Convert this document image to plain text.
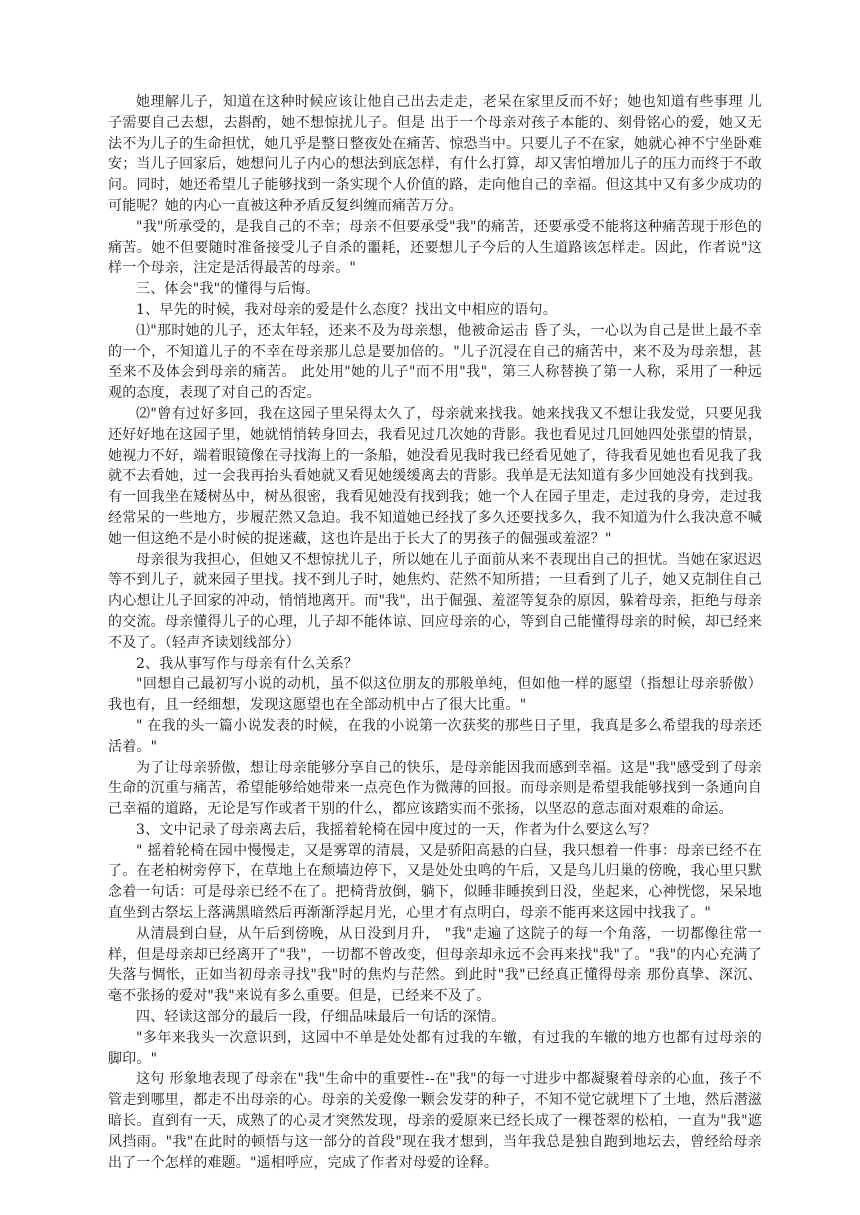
她理解儿子，知道在这种时候应该让他自己出去走走，老呆在家里反而不好；她也知道有些事理 儿子需要自己去想，去斟酌，她不想惊扰儿子。但是 出于一个母亲对孩子本能的、刻骨铭心的爱，她又无法不为儿子的生命担忧，她几乎是整日整夜处在痛苦、惊恐当中。只要儿子不在家，她就心神不宁坐卧难安；当儿子回家后，她想问儿子内心的想法到底怎样，有什么打算，却又害怕增加儿子的压力而终于不敢问。同时，她还希望儿子能够找到一条实现个人价值的路，走向他自己的幸福。但这其中又有多少成功的可能呢？她的内心一直被这种矛盾反复纠缠而痛苦万分。

"我"所承受的，是我自己的不幸；母亲不但要承受"我"的痛苦，还要承受不能将这种痛苦现于形色的痛苦。她不但要随时准备接受儿子自杀的噩耗，还要想儿子今后的人生道路该怎样走。因此，作者说"这样一个母亲，注定是活得最苦的母亲。"

三、体会"我"的懂得与后悔。

1、早先的时候，我对母亲的爱是什么态度？找出文中相应的语句。

⑴"那时她的儿子，还太年轻，还来不及为母亲想，他被命运击 昏了头，一心以为自己是世上最不幸的一个，不知道儿子的不幸在母亲那儿总是要加倍的。"儿子沉浸在自己的痛苦中，来不及为母亲想，甚至来不及体会到母亲的痛苦。 此处用"她的儿子"而不用"我"，第三人称替换了第一人称，采用了一种远观的态度，表现了对自己的否定。

⑵"曾有过好多回，我在这园子里呆得太久了，母亲就来找我。她来找我又不想让我发觉，只要见我还好好地在这园子里，她就悄悄转身回去，我看见过几次她的背影。我也看见过几回她四处张望的情景，她视力不好，端着眼镜像在寻找海上的一条船，她没看见我时我已经看见她了，待我看见她也看见我了我就不去看她，过一会我再抬头看她就又看见她缓缓离去的背影。我单是无法知道有多少回她没有找到我。有一回我坐在矮树丛中，树丛很密，我看见她没有找到我；她一个人在园子里走，走过我的身旁，走过我经常呆的一些地方，步履茫然又急迫。我不知道她已经找了多久还要找多久，我不知道为什么我决意不喊她一但这绝不是小时候的捉迷藏，这也许是出于长大了的男孩子的倔强或羞涩？"

母亲很为我担心，但她又不想惊扰儿子，所以她在儿子面前从来不表现出自己的担忧。当她在家迟迟等不到儿子，就来园子里找。找不到儿子时，她焦灼、茫然不知所措；一旦看到了儿子，她又克制住自己内心想让儿子回家的冲动，悄悄地离开。而"我"，出于倔强、羞涩等复杂的原因，躲着母亲，拒绝与母亲的交流。母亲懂得儿子的心理，儿子却不能体谅、回应母亲的心，等到自己能懂得母亲的时候，却已经来不及了。（轻声齐读划线部分）

2、我从事写作与母亲有什么关系？

"回想自己最初写小说的动机，虽不似这位朋友的那般单纯，但如他一样的愿望（指想让母亲骄傲）我也有，且一经细想，发现这愿望也在全部动机中占了很大比重。"

" 在我的头一篇小说发表的时候，在我的小说第一次获奖的那些日子里，我真是多么希望我的母亲还活着。"

为了让母亲骄傲，想让母亲能够分享自己的快乐，是母亲能因我而感到幸福。这是"我"感受到了母亲生命的沉重与痛苦，希望能够给她带来一点亮色作为微薄的回报。而母亲则是希望我能够找到一条通向自己幸福的道路，无论是写作或者干别的什么，都应该踏实而不张扬，以坚忍的意志面对艰难的命运。

3、文中记录了母亲离去后，我摇着轮椅在园中度过的一天，作者为什么要这么写？

" 摇着轮椅在园中慢慢走，又是雾罩的清晨，又是骄阳高悬的白昼，我只想着一件事：母亲已经不在了。在老柏树旁停下，在草地上在颓墙边停下，又是处处虫鸣的午后，又是鸟儿归巢的傍晚，我心里只默念着一句话：可是母亲已经不在了。把椅背放倒，躺下，似睡非睡挨到日没，坐起来，心神恍惚，呆呆地直坐到古祭坛上落满黑暗然后再渐渐浮起月光，心里才有点明白，母亲不能再来这园中找我了。"

从清晨到白昼，从午后到傍晚，从日没到月升， "我"走遍了这院子的每一个角落，一切都像往常一样，但是母亲却已经离开了"我"，一切都不曾改变，但母亲却永远不会再来找"我"了。"我"的内心充满了失落与惆怅，正如当初母亲寻找"我"时的焦灼与茫然。到此时"我"已经真正懂得母亲 那份真挚、深沉、毫不张扬的爱对"我"来说有多么重要。但是，已经来不及了。

四、轻读这部分的最后一段，仔细品味最后一句话的深情。

"多年来我头一次意识到，这园中不单是处处都有过我的车辙，有过我的车辙的地方也都有过母亲的脚印。"

这句 形象地表现了母亲在"我"生命中的重要性--在"我"的每一寸进步中都凝聚着母亲的心血，孩子不管走到哪里，都走不出母亲的心。母亲的关爱像一颗会发芽的种子，不知不觉它就埋下了土地，然后潜滋暗长。直到有一天，成熟了的心灵才突然发现，母亲的爱原来已经长成了一棵苍翠的松柏，一直为"我"遮风挡雨。"我"在此时的顿悟与这一部分的首段"现在我才想到，当年我总是独自跑到地坛去，曾经给母亲出了一个怎样的难题。"遥相呼应，完成了作者对母爱的诠释。
